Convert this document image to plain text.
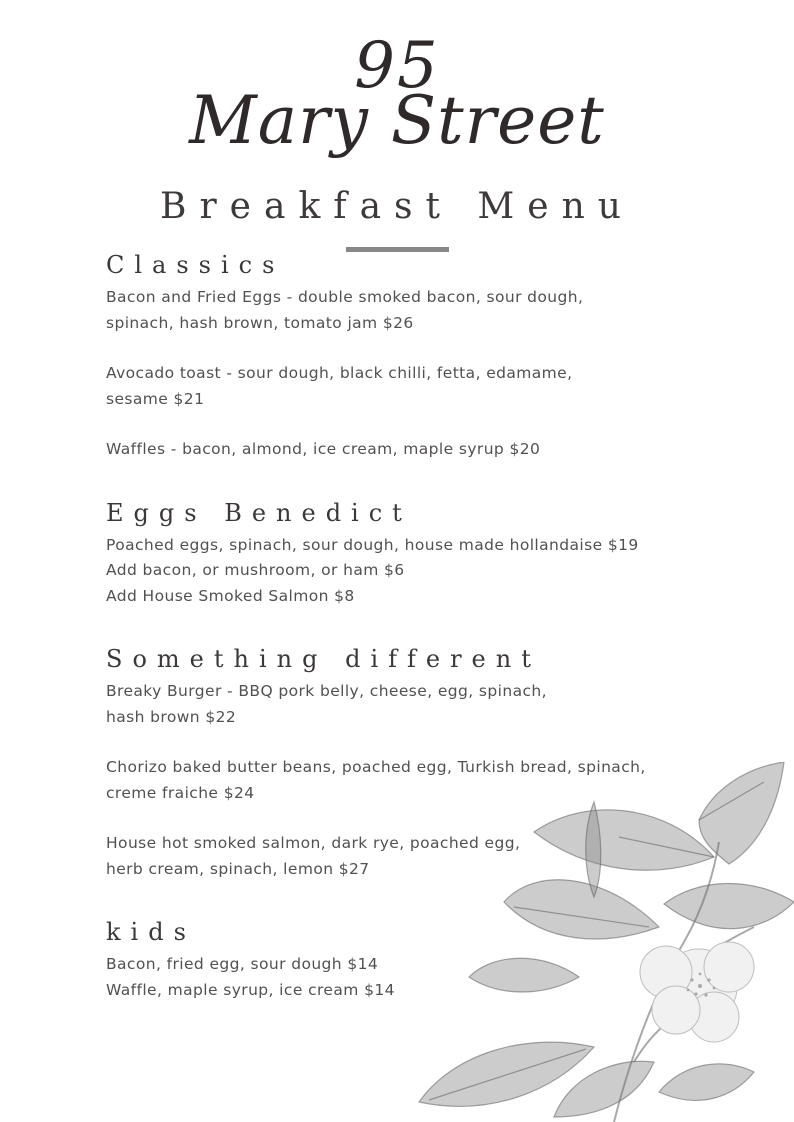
95
Mary Street
Breakfast Menu
Classics
Bacon and Fried Eggs - double smoked bacon, sour dough,
spinach, hash brown, tomato jam $26
Avocado toast - sour dough, black chilli, fetta, edamame,
sesame $21
Waffles - bacon, almond, ice cream, maple syrup $20
Eggs Benedict
Poached eggs, spinach, sour dough, house made hollandaise $19
Add bacon, or mushroom, or ham $6
Add House Smoked Salmon $8
Something different
Breaky Burger - BBQ pork belly, cheese, egg, spinach,
hash brown $22
Chorizo baked butter beans, poached egg, Turkish bread, spinach,
creme fraiche $24
House hot smoked salmon, dark rye, poached egg,
herb cream, spinach, lemon $27
kids
Bacon, fried egg, sour dough $14
Waffle, maple syrup, ice cream $14
